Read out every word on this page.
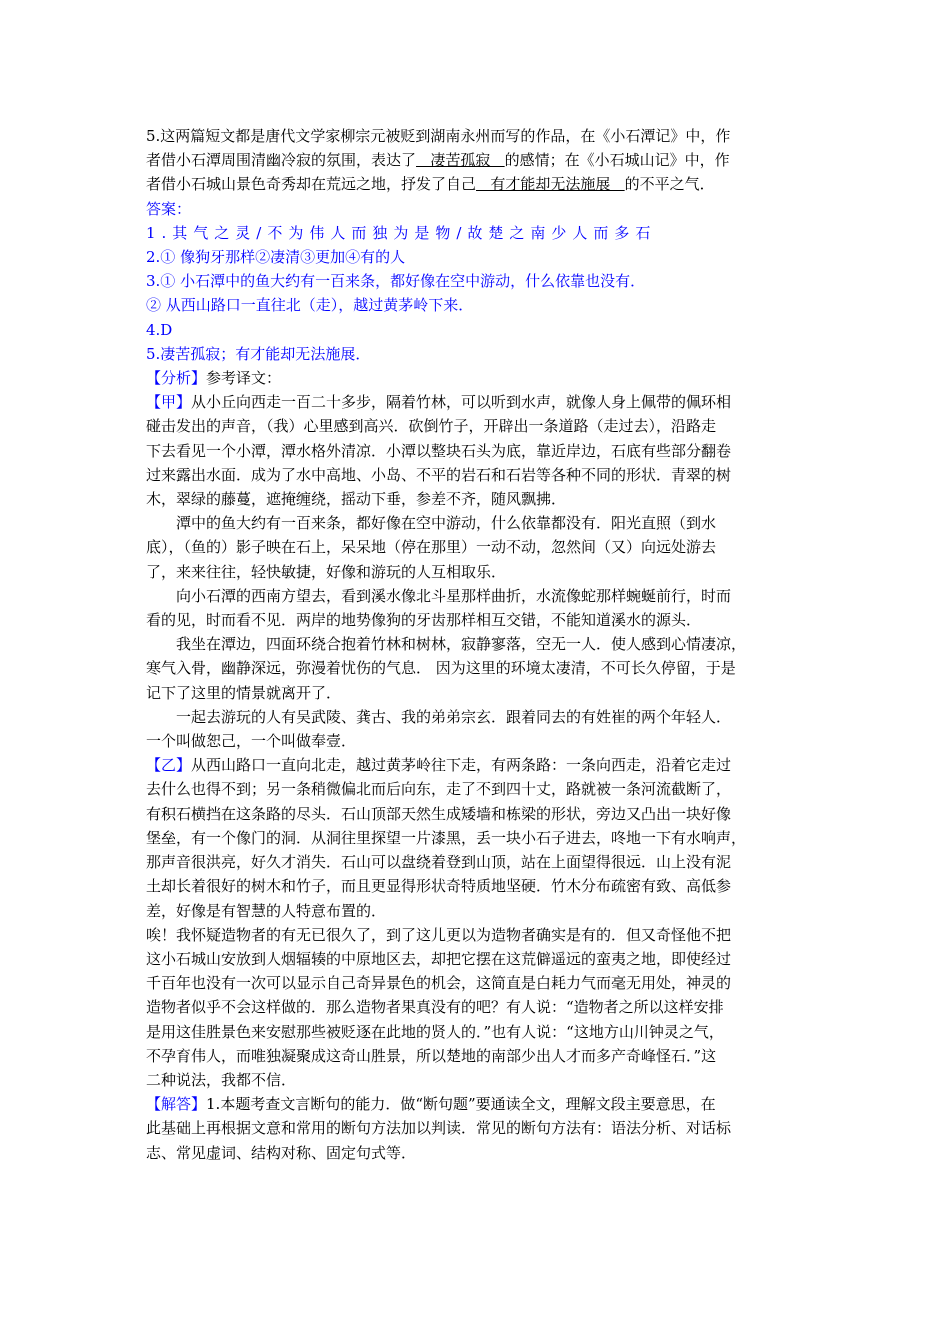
5.这两篇短文都是唐代文学家柳宗元被贬到湖南永州而写的作品，在《小石潭记》中，作
者借小石潭周围清幽冷寂的氛围，表达了   凄苦孤寂   的感情；在《小石城山记》中，作
者借小石城山景色奇秀却在荒远之地，抒发了自己   有才能却无法施展   的不平之气．
答案：
1.其气之灵/不为伟人而独为是物/故楚之南少人而多石
2.① 像狗牙那样②凄清③更加④有的人
3.① 小石潭中的鱼大约有一百来条，都好像在空中游动，什么依靠也没有．
② 从西山路口一直往北（走），越过黄茅岭下来．
4.D
5.凄苦孤寂；有才能却无法施展．
【分析】参考译文：
【甲】从小丘向西走一百二十多步，隔着竹林，可以听到水声，就像人身上佩带的佩环相
碰击发出的声音，（我）心里感到高兴．砍倒竹子，开辟出一条道路（走过去），沿路走
下去看见一个小潭，潭水格外清凉．小潭以整块石头为底，靠近岸边，石底有些部分翻卷
过来露出水面．成为了水中高地、小岛、不平的岩石和石岩等各种不同的形状．青翠的树
木，翠绿的藤蔓，遮掩缠绕，摇动下垂，参差不齐，随风飘拂．
潭中的鱼大约有一百来条，都好像在空中游动，什么依靠都没有．阳光直照（到水
底），（鱼的）影子映在石上，呆呆地（停在那里）一动不动，忽然间（又）向远处游去
了，来来往往，轻快敏捷，好像和游玩的人互相取乐．
向小石潭的西南方望去，看到溪水像北斗星那样曲折，水流像蛇那样蜿蜒前行，时而
看的见，时而看不见．两岸的地势像狗的牙齿那样相互交错，不能知道溪水的源头．
我坐在潭边，四面环绕合抱着竹林和树林，寂静寥落，空无一人．使人感到心情凄凉，
寒气入骨，幽静深远，弥漫着忧伤的气息． 因为这里的环境太凄清，不可长久停留，于是
记下了这里的情景就离开了．
一起去游玩的人有吴武陵、龚古、我的弟弟宗玄．跟着同去的有姓崔的两个年轻人．
一个叫做恕己，一个叫做奉壹．
【乙】从西山路口一直向北走，越过黄茅岭往下走，有两条路：一条向西走，沿着它走过
去什么也得不到；另一条稍微偏北而后向东，走了不到四十丈，路就被一条河流截断了，
有积石横挡在这条路的尽头．石山顶部天然生成矮墙和栋梁的形状，旁边又凸出一块好像
堡垒，有一个像门的洞．从洞往里探望一片漆黑，丢一块小石子进去，咚地一下有水响声，
那声音很洪亮，好久才消失．石山可以盘绕着登到山顶，站在上面望得很远．山上没有泥
土却长着很好的树木和竹子，而且更显得形状奇特质地坚硬．竹木分布疏密有致、高低参
差，好像是有智慧的人特意布置的．
唉！我怀疑造物者的有无已很久了，到了这儿更以为造物者确实是有的．但又奇怪他不把
这小石城山安放到人烟辐辏的中原地区去，却把它摆在这荒僻遥远的蛮夷之地，即使经过
千百年也没有一次可以显示自己奇异景色的机会，这简直是白耗力气而毫无用处，神灵的
造物者似乎不会这样做的．那么造物者果真没有的吧？有人说：“造物者之所以这样安排
是用这佳胜景色来安慰那些被贬逐在此地的贤人的．”也有人说：“这地方山川钟灵之气，
不孕育伟人，而唯独凝聚成这奇山胜景，所以楚地的南部少出人才而多产奇峰怪石．”这
二种说法，我都不信．
【解答】1.本题考查文言断句的能力．做“断句题”要通读全文，理解文段主要意思，在
此基础上再根据文意和常用的断句方法加以判读．常见的断句方法有：语法分析、对话标
志、常见虚词、结构对称、固定句式等．
